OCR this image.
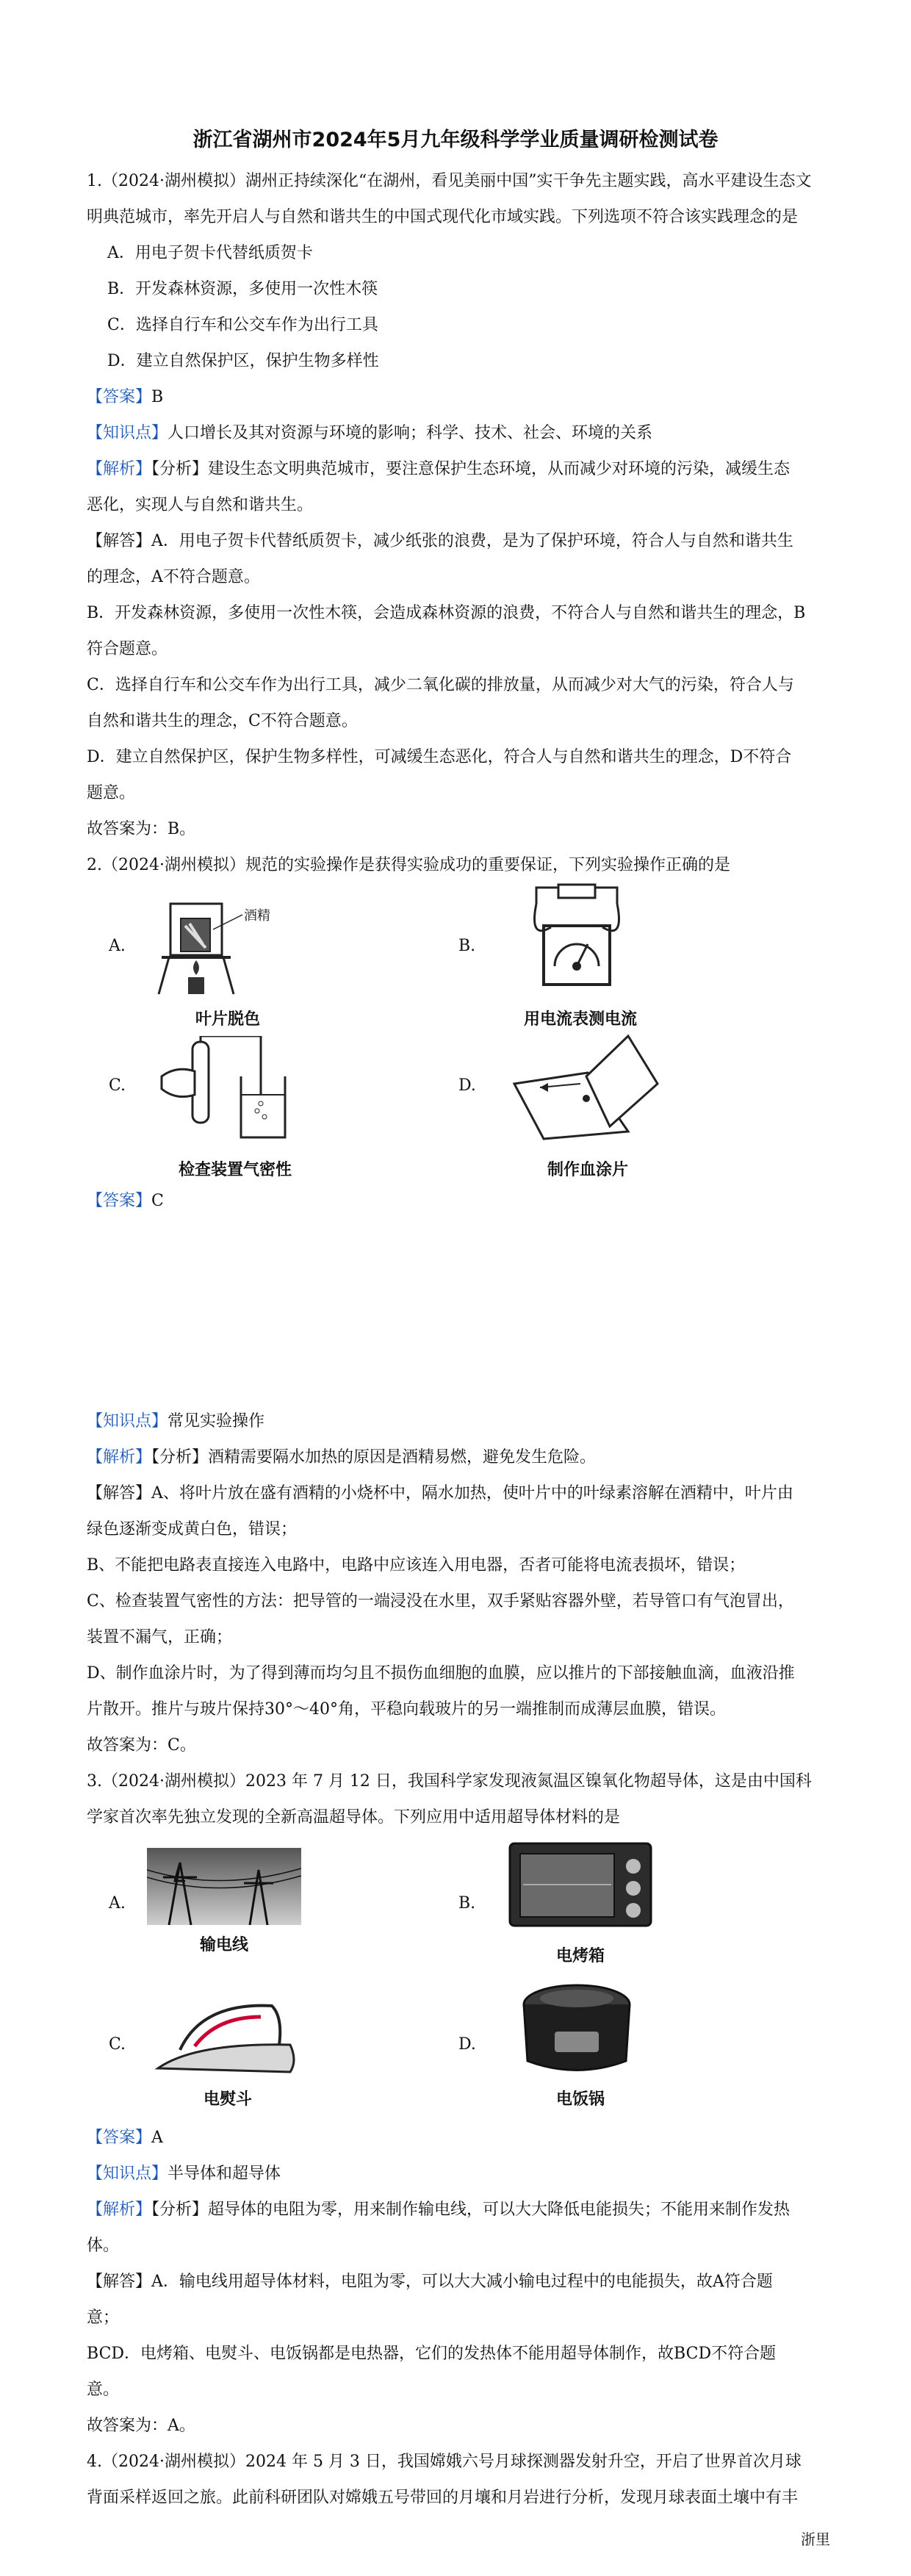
浙江省湖州市2024年5月九年级科学学业质量调研检测试卷

1.（2024·湖州模拟）湖州正持续深化“在湖州，看见美丽中国”实干争先主题实践，高水平建设生态文

明典范城市，率先开启人与自然和谐共生的中国式现代化市域实践。下列选项不符合该实践理念的是

A．用电子贺卡代替纸质贺卡

B．开发森林资源，多使用一次性木筷

C．选择自行车和公交车作为出行工具

D．建立自然保护区，保护生物多样性

【答案】B

【知识点】人口增长及其对资源与环境的影响；科学、技术、社会、环境的关系

【解析】【分析】建设生态文明典范城市，要注意保护生态环境，从而减少对环境的污染，减缓生态

恶化，实现人与自然和谐共生。

【解答】A．用电子贺卡代替纸质贺卡，减少纸张的浪费，是为了保护环境，符合人与自然和谐共生

的理念，A不符合题意。

B．开发森林资源，多使用一次性木筷，会造成森林资源的浪费，不符合人与自然和谐共生的理念，B

符合题意。

C．选择自行车和公交车作为出行工具，减少二氧化碳的排放量，从而减少对大气的污染，符合人与

自然和谐共生的理念，C不符合题意。

D．建立自然保护区，保护生物多样性，可减缓生态恶化，符合人与自然和谐共生的理念，D不符合

题意。

故答案为：B。

2.（2024·湖州模拟）规范的实验操作是获得实验成功的重要保证，下列实验操作正确的是

A.
酒精
叶片脱色
B.
用电流表测电流
C.
检查装置气密性
D.
制作血涂片

【答案】C

【知识点】常见实验操作

【解析】【分析】酒精需要隔水加热的原因是酒精易燃，避免发生危险。

【解答】A、将叶片放在盛有酒精的小烧杯中，隔水加热，使叶片中的叶绿素溶解在酒精中，叶片由

绿色逐渐变成黄白色，错误；

B、不能把电路表直接连入电路中，电路中应该连入用电器，否者可能将电流表损坏，错误；

C、检查装置气密性的方法：把导管的一端浸没在水里，双手紧贴容器外壁，若导管口有气泡冒出，

装置不漏气，正确；

D、制作血涂片时，为了得到薄而均匀且不损伤血细胞的血膜，应以推片的下部接触血滴，血液沿推

片散开。推片与玻片保持30°～40°角，平稳向载玻片的另一端推制而成薄层血膜，错误。

故答案为：C。

3.（2024·湖州模拟）2023 年 7 月 12 日，我国科学家发现液氮温区镍氧化物超导体，这是由中国科

学家首次率先独立发现的全新高温超导体。下列应用中适用超导体材料的是

A.
输电线
B.
电烤箱
C.
电熨斗
D.
电饭锅

【答案】A

【知识点】半导体和超导体

【解析】【分析】超导体的电阻为零，用来制作输电线，可以大大降低电能损失；不能用来制作发热

体。

【解答】A．输电线用超导体材料，电阻为零，可以大大减小输电过程中的电能损失，故A符合题

意；

BCD．电烤箱、电熨斗、电饭锅都是电热器，它们的发热体不能用超导体制作，故BCD不符合题

意。

故答案为：A。

4.（2024·湖州模拟）2024 年 5 月 3 日，我国嫦娥六号月球探测器发射升空，开启了世界首次月球

背面采样返回之旅。此前科研团队对嫦娥五号带回的月壤和月岩进行分析，发现月球表面土壤中有丰

浙里
